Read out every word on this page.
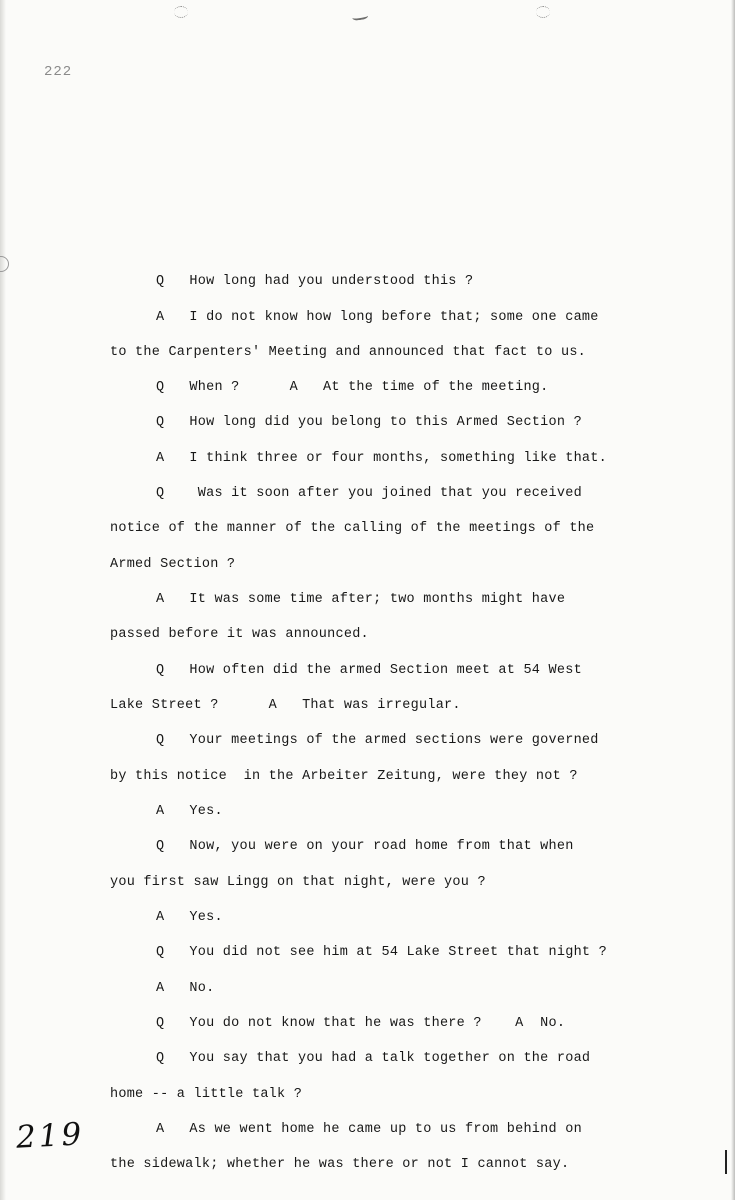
222
Q   How long had you understood this ?
A   I do not know how long before that; some one came
to the Carpenters' Meeting and announced that fact to us.
Q   When ?      A   At the time of the meeting.
Q   How long did you belong to this Armed Section ?
A   I think three or four months, something like that.
Q    Was it soon after you joined that you received
notice of the manner of the calling of the meetings of the
Armed Section ?
A   It was some time after; two months might have
passed before it was announced.
Q   How often did the armed Section meet at 54 West
Lake Street ?      A   That was irregular.
Q   Your meetings of the armed sections were governed
by this notice  in the Arbeiter Zeitung, were they not ?
A   Yes.
Q   Now, you were on your road home from that when
you first saw Lingg on that night, were you ?
A   Yes.
Q   You did not see him at 54 Lake Street that night ?
A   No.
Q   You do not know that he was there ?    A  No.
Q   You say that you had a talk together on the road
home -- a little talk ?
A   As we went home he came up to us from behind on
the sidewalk; whether he was there or not I cannot say.
219
